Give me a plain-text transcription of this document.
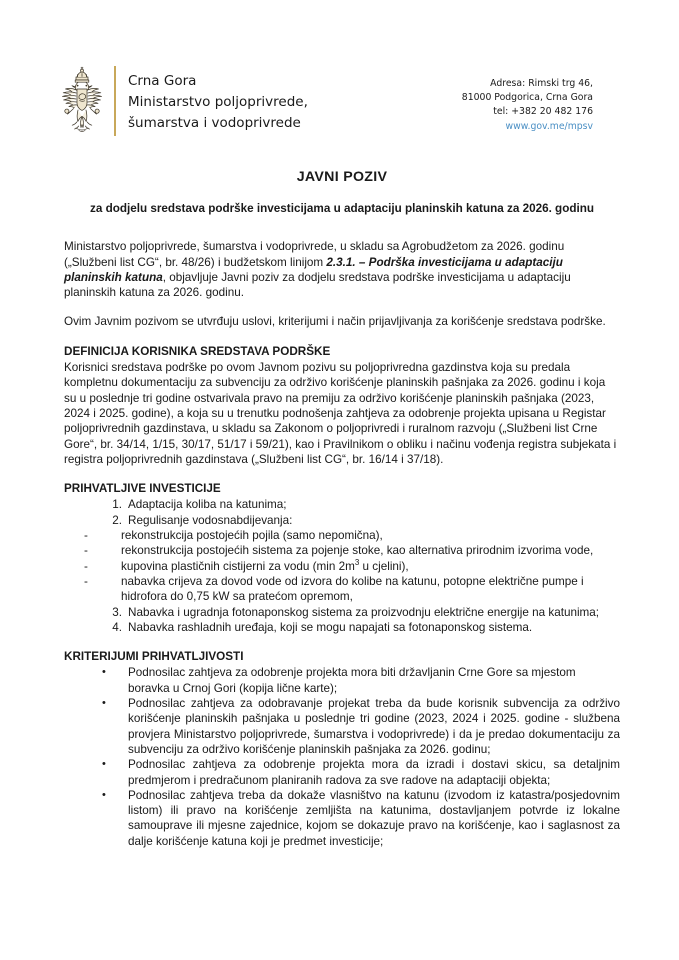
Crna Gora
Ministarstvo poljoprivrede,
šumarstva i vodoprivrede
Adresa: Rimski trg 46,
81000 Podgorica, Crna Gora
tel: +382 20 482 176
www.gov.me/mpsv
JAVNI POZIV
za dodjelu sredstava podrške investicijama u adaptaciju planinskih katuna za 2026. godinu

Ministarstvo poljoprivrede, šumarstva i vodoprivrede, u skladu sa Agrobudžetom za 2026. godinu („Službeni list CG“, br. 48/26) i budžetskom linijom 2.3.1. – Podrška investicijama u adaptaciju planinskih katuna, objavljuje Javni poziv za dodjelu sredstava podrške investicijama u adaptaciju planinskih katuna za 2026. godinu.

Ovim Javnim pozivom se utvrđuju uslovi, kriterijumi i način prijavljivanja za korišćenje sredstava podrške.

DEFINICIJA KORISNIKA SREDSTAVA PODRŠKE

Korisnici sredstava podrške po ovom Javnom pozivu su poljoprivredna gazdinstva koja su predala kompletnu dokumentaciju za subvenciju za održivo korišćenje planinskih pašnjaka za 2026. godinu i koja su u poslednje tri godine ostvarivala pravo na premiju za održivo korišćenje planinskih pašnjaka (2023, 2024 i 2025. godine), a koja su u trenutku podnošenja zahtjeva za odobrenje projekta upisana u Registar poljoprivrednih gazdinstava, u skladu sa Zakonom o poljoprivredi i ruralnom razvoju („Službeni list Crne Gore“, br. 34/14, 1/15, 30/17, 51/17 i 59/21), kao i Pravilnikom o obliku i načinu vođenja registra subjekata i registra poljoprivrednih gazdinstava („Službeni list CG“, br. 16/14 i 37/18).

PRIHVATLJIVE INVESTICIJE
1. Adaptacija koliba na katunima;
2. Regulisanje vodosnabdijevanja:
-	rekonstrukcija postojećih pojila (samo nepomična),
-	rekonstrukcija postojećih sistema za pojenje stoke, kao alternativa prirodnim izvorima vode,
-	kupovina plastičnih cistijerni za vodu (min $2m^3$ u cjelini),
-	nabavka crijeva za dovod vode od izvora do kolibe na katunu, potopne električne pumpe i hidrofora do 0,75 kW sa pratećom opremom,
3. Nabavka i ugradnja fotonaponskog sistema za proizvodnju električne energije na katunima;
4. Nabavka rashladnih uređaja, koji se mogu napajati sa fotonaponskog sistema.
KRITERIJUMI PRIHVATLJIVOSTI
• Podnosilac zahtjeva za odobrenje projekta mora biti državljanin Crne Gore sa mjestom boravka u Crnoj Gori (kopija lične karte);
• Podnosilac zahtjeva za odobravanje projekat treba da bude korisnik subvencija za održivo korišćenje planinskih pašnjaka u poslednje tri godine (2023, 2024 i 2025. godine - službena provjera Ministarstvo poljoprivrede, šumarstva i vodoprivrede) i da je predao dokumentaciju za subvenciju za održivo korišćenje planinskih pašnjaka za 2026. godinu;
• Podnosilac zahtjeva za odobrenje projekta mora da izradi i dostavi skicu, sa detaljnim predmjerom i predračunom planiranih radova za sve radove na adaptaciji objekta;
• Podnosilac zahtjeva treba da dokaže vlasništvo na katunu (izvodom iz katastra/posjedovnim listom) ili pravo na korišćenje zemljišta na katunima, dostavljanjem potvrde iz lokalne samouprave ili mjesne zajednice, kojom se dokazuje pravo na korišćenje, kao i saglasnost za dalje korišćenje katuna koji je predmet investicije;
